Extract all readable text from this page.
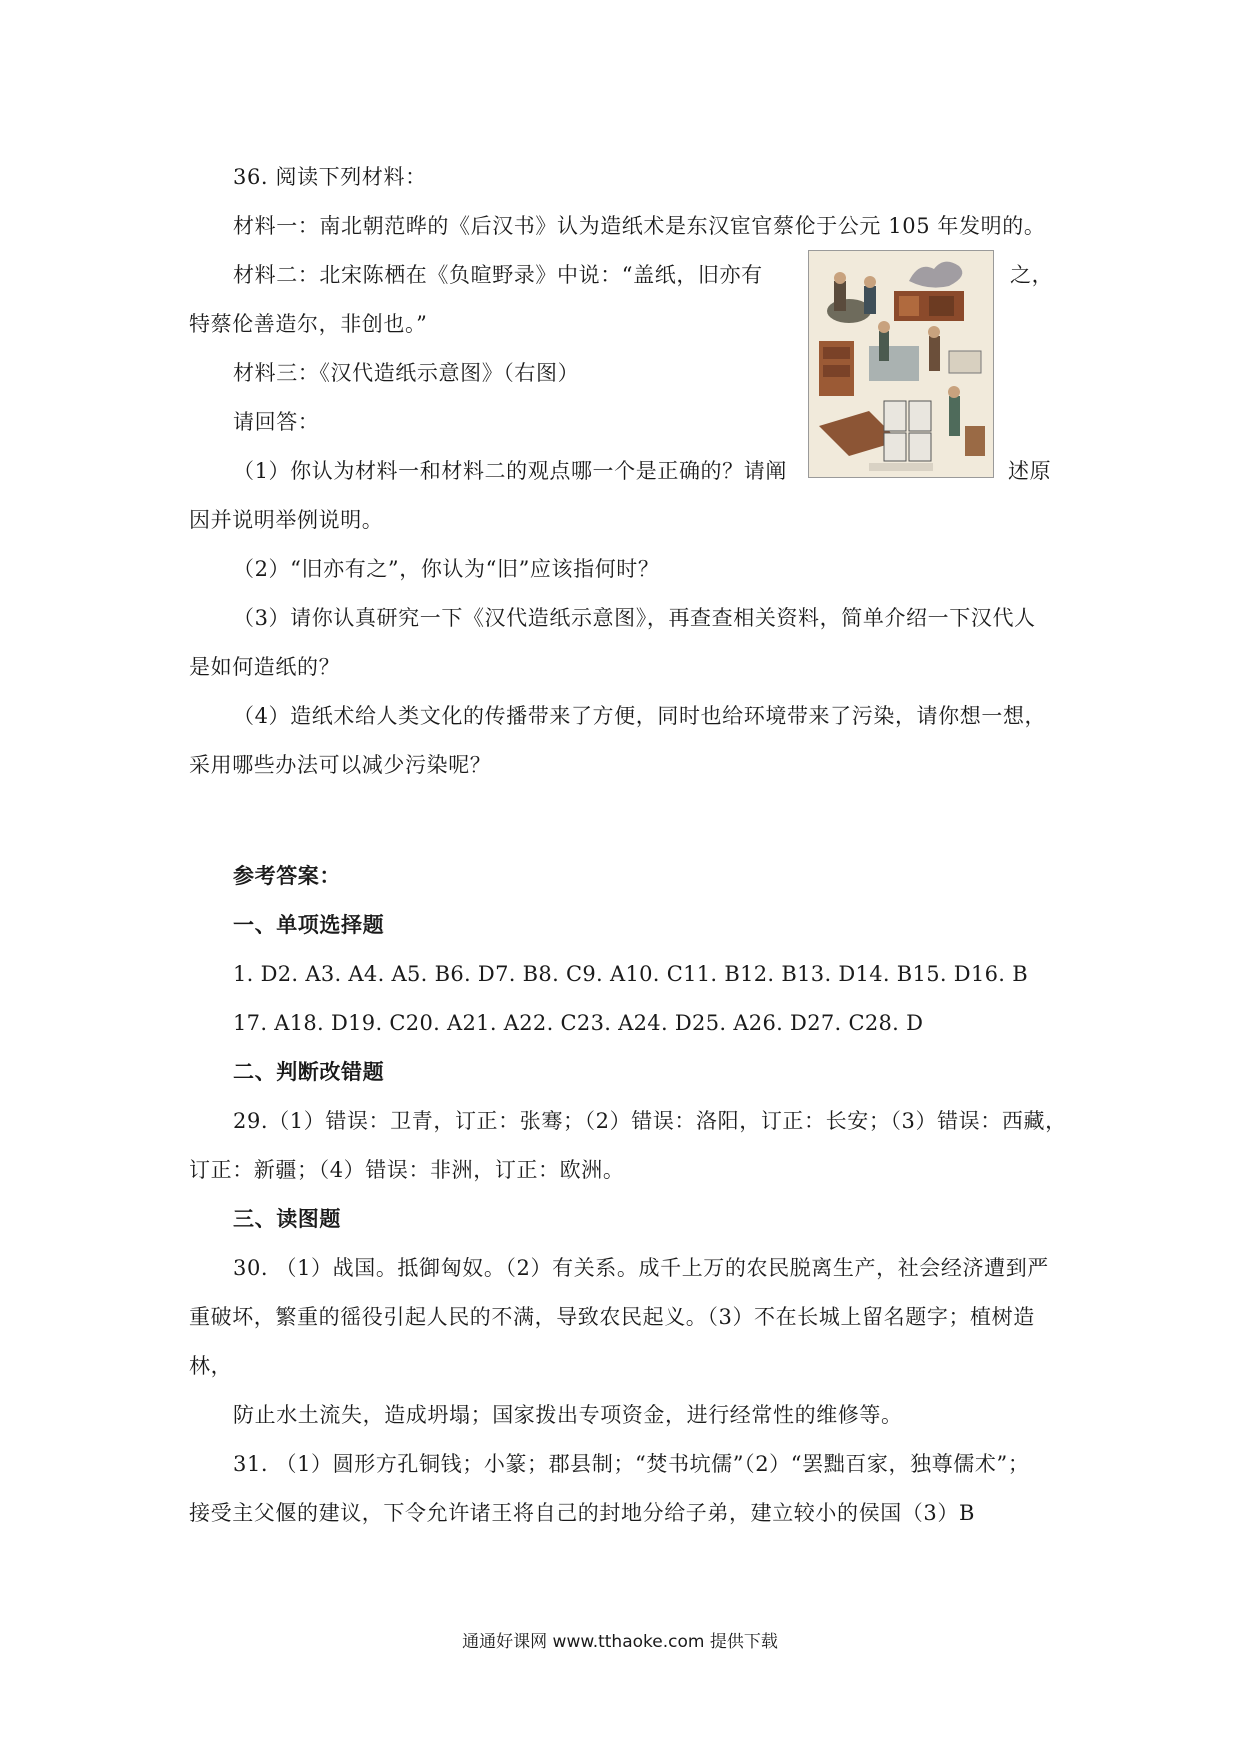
36. 阅读下列材料：
材料一：南北朝范晔的《后汉书》认为造纸术是东汉宦官蔡伦于公元 105 年发明的。
材料二：北宋陈栖在《负暄野录》中说：“盖纸，旧亦有	之，
特蔡伦善造尔，非创也。”
材料三：《汉代造纸示意图》（右图）
请回答：
（1）你认为材料一和材料二的观点哪一个是正确的？请阐	述原
因并说明举例说明。
（2）“旧亦有之”，你认为“旧”应该指何时？
（3）请你认真研究一下《汉代造纸示意图》，再查查相关资料，简单介绍一下汉代人
是如何造纸的？
（4）造纸术给人类文化的传播带来了方便，同时也给环境带来了污染，请你想一想，
采用哪些办法可以减少污染呢？
参考答案：
一、单项选择题
1. D2. A3. A4. A5. B6. D7. B8. C9. A10. C11. B12. B13. D14. B15. D16. B
17. A18. D19. C20. A21. A22. C23. A24. D25. A26. D27. C28. D
二、判断改错题
29.（1）错误：卫青，订正：张骞；（2）错误：洛阳，订正：长安；（3）错误：西藏，
订正：新疆；（4）错误：非洲，订正：欧洲。
三、读图题
30. （1）战国。抵御匈奴。（2）有关系。成千上万的农民脱离生产，社会经济遭到严
重破坏，繁重的徭役引起人民的不满，导致农民起义。（3）不在长城上留名题字；植树造
林，
防止水土流失，造成坍塌；国家拨出专项资金，进行经常性的维修等。
31. （1）圆形方孔铜钱；小篆；郡县制；“焚书坑儒”（2）“罢黜百家，独尊儒术”；
接受主父偃的建议，下令允许诸王将自己的封地分给子弟，建立较小的侯国（3）B
通通好课网 www.tthaoke.com 提供下载
